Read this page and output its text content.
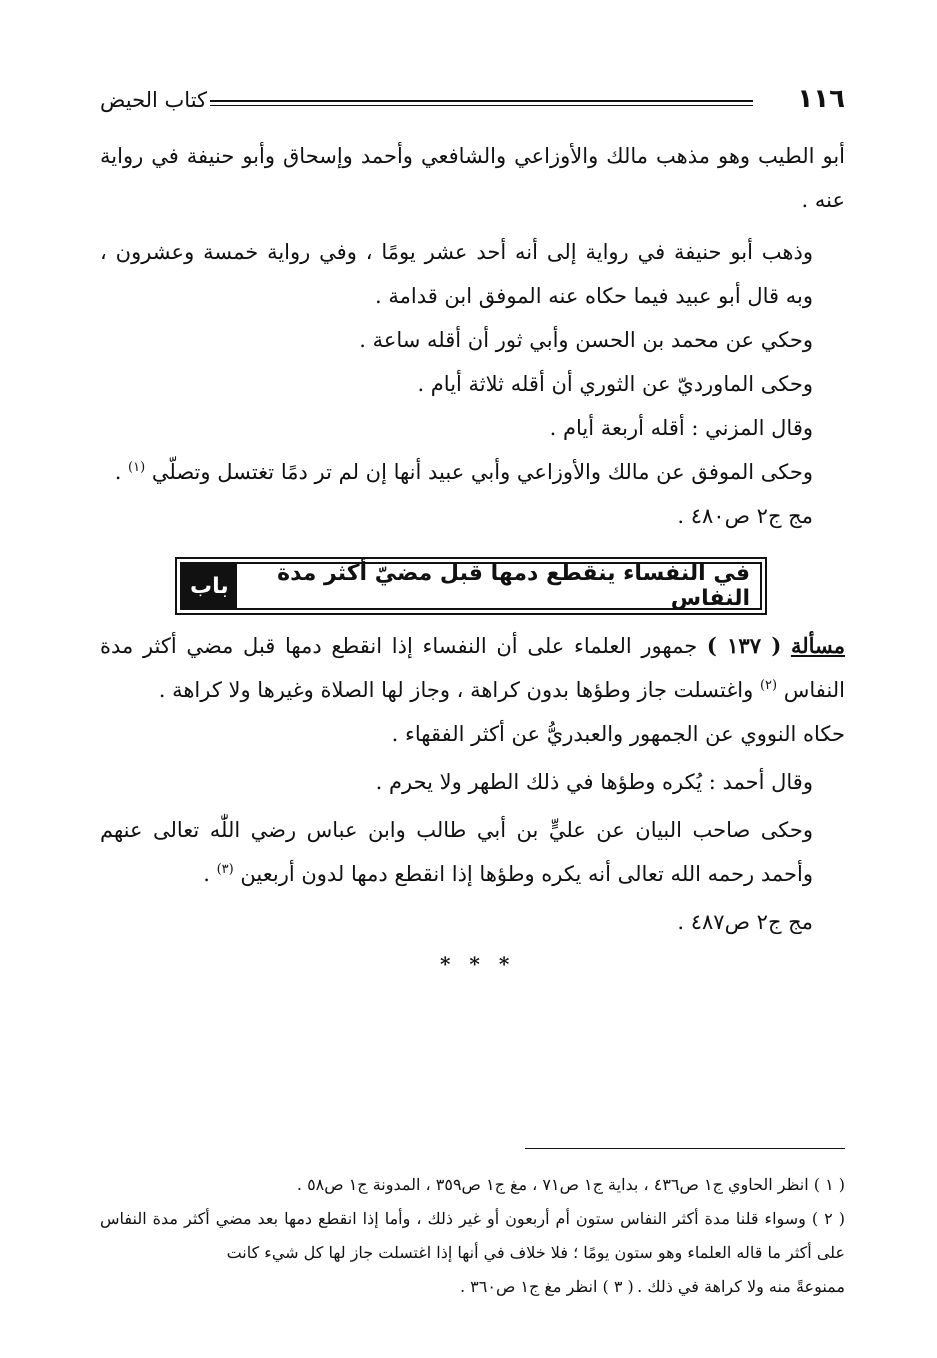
كتاب الحيض	١١٦

أبو الطيب وهو مذهب مالك والأوزاعي والشافعي وأحمد وإسحاق وأبو حنيفة في رواية عنه .

وذهب أبو حنيفة في رواية إلى أنه أحد عشر يومًا ، وفي رواية خمسة وعشرون ، وبه قال أبو عبيد فيما حكاه عنه الموفق ابن قدامة .

وحكي عن محمد بن الحسن وأبي ثور أن أقله ساعة .

وحكى الماورديّ عن الثوري أن أقله ثلاثة أيام .

وقال المزني : أقله أربعة أيام .

وحكى الموفق عن مالك والأوزاعي وأبي عبيد أنها إن لم تر دمًا تغتسل وتصلّي $^{(١)}$ .

مج ج٢ ص٤٨٠ .

باب	في النفساء ينقطع دمها قبل مضيّ أكثر مدة النفاس

مسألة ( ١٣٧ ) جمهور العلماء على أن النفساء إذا انقطع دمها قبل مضي أكثر مدة النفاس $^{(٢)}$ واغتسلت جاز وطؤها بدون كراهة ، وجاز لها الصلاة وغيرها ولا كراهة .

حكاه النووي عن الجمهور والعبدريُّ عن أكثر الفقهاء .

وقال أحمد : يُكره وطؤها في ذلك الطهر ولا يحرم .

وحكى صاحب البيان عن عليٍّ بن أبي طالب وابن عباس رضي اللّٰه تعالى عنهم وأحمد رحمه الله تعالى أنه يكره وطؤها إذا انقطع دمها لدون أربعين $^{(٣)}$ .

مج ج٢ ص٤٨٧ .

* * *

( ١ ) انظر الحاوي ج١ ص٤٣٦ ، بداية ج١ ص٧١ ، مغ ج١ ص٣٥٩ ، المدونة ج١ ص٥٨ .

( ٢ ) وسواء قلنا مدة أكثر النفاس ستون أم أربعون أو غير ذلك ، وأما إذا انقطع دمها بعد مضي أكثر مدة النفاس على أكثر ما قاله العلماء وهو ستون يومًا ؛ فلا خلاف في أنها إذا اغتسلت جاز لها كل شيء كانت

ممنوعةً منه ولا كراهة في ذلك .
( ٣ ) انظر مغ ج١ ص٣٦٠ .
